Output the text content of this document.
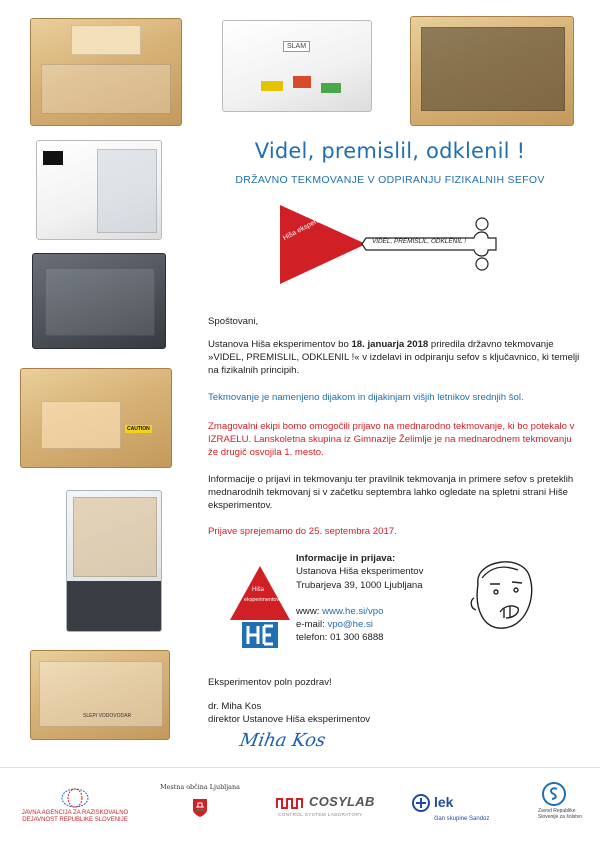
SLAM
CAUTION
SLEPI VODOVODAR
Videl, premislil, odklenil !
DRŽAVNO TEKMOVANJE V ODPIRANJU FIZIKALNIH SEFOV
VIDEL, PREMISLIL, ODKLENIL !
Hiša eksperimentov
Spoštovani,
Ustanova Hiša eksperimentov bo 18. januarja 2018 priredila državno tekmovanje »VIDEL, PREMISLIL, ODKLENIL !« v izdelavi in odpiranju sefov s ključavnico, ki temelji na fizikalnih principih.
Tekmovanje je namenjeno dijakom in dijakinjam višjih letnikov srednjih šol.
Zmagovalni ekipi bomo omogočili prijavo na mednarodno tekmovanje, ki bo potekalo v IZRAELU. Lanskoletna skupina iz Gimnazije Želimlje je na mednarodnem tekmovanju že drugič osvojila 1. mesto.
Informacije o prijavi in tekmovanju ter pravilnik tekmovanja in primere sefov s preteklih mednarodnih tekmovanj si v začetku septembra lahko ogledate na spletni strani Hiše eksperimentov.
Prijave sprejemamo do 25. septembra 2017.
Hiša
eksperimentov
Informacije in prijava:
Ustanova Hiša eksperimentov
Trubarjeva 39, 1000 Ljubljana
www: www.he.si/vpo
e-mail: vpo@he.si
telefon: 01 300 6888
Eksperimentov poln pozdrav!
dr. Miha Kos
direktor Ustanove Hiša eksperimentov
Miha Kos
JAVNA AGENCIJA ZA RAZISKOVALNO DEJAVNOST REPUBLIKE SLOVENIJE
Mestna občina Ljubljana
COSYLAB
CONTROL SYSTEM LABORATORY
lek
član skupine Sandoz
Zavod Republike Slovenije za šolstvo
